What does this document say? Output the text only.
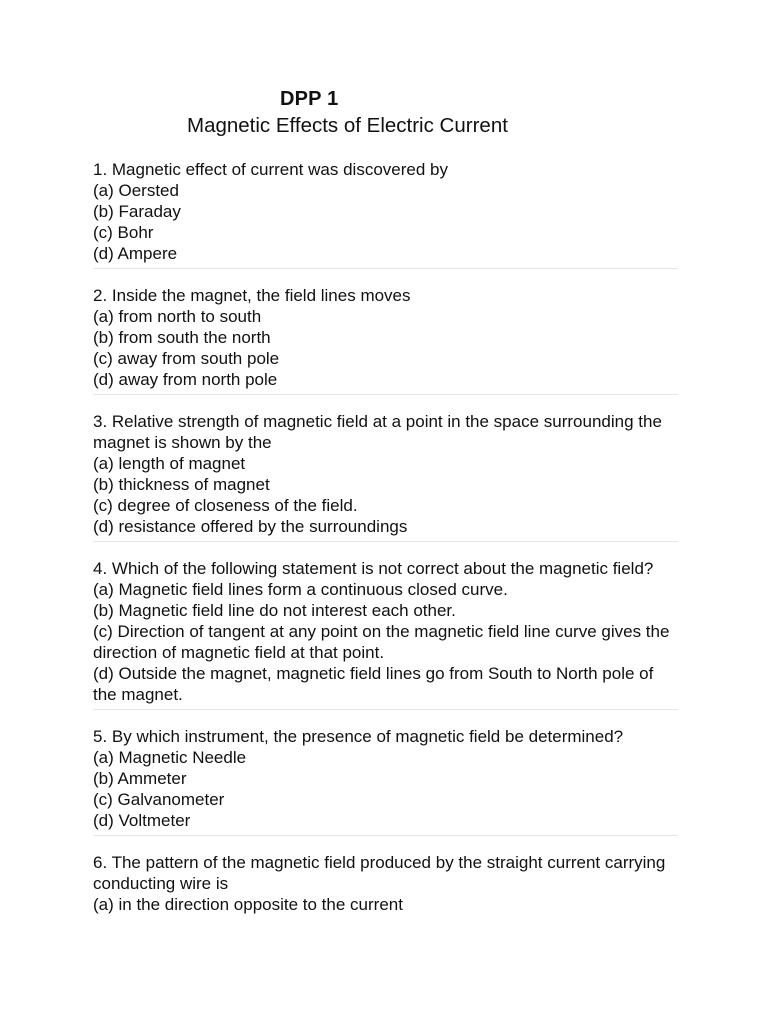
DPP 1
Magnetic Effects of Electric Current
1. Magnetic effect of current was discovered by
(a) Oersted
(b) Faraday
(c) Bohr
(d) Ampere
2. Inside the magnet, the field lines moves
(a) from north to south
(b) from south the north
(c) away from south pole
(d) away from north pole
3. Relative strength of magnetic field at a point in the space surrounding the magnet is shown by the
(a) length of magnet
(b) thickness of magnet
(c) degree of closeness of the field.
(d) resistance offered by the surroundings
4. Which of the following statement is not correct about the magnetic field?
(a) Magnetic field lines form a continuous closed curve.
(b) Magnetic field line do not interest each other.
(c) Direction of tangent at any point on the magnetic field line curve gives the direction of magnetic field at that point.
(d) Outside the magnet, magnetic field lines go from South to North pole of the magnet.
5. By which instrument, the presence of magnetic field be determined?
(a) Magnetic Needle
(b) Ammeter
(c) Galvanometer
(d) Voltmeter
6. The pattern of the magnetic field produced by the straight current carrying conducting wire is
(a) in the direction opposite to the current
